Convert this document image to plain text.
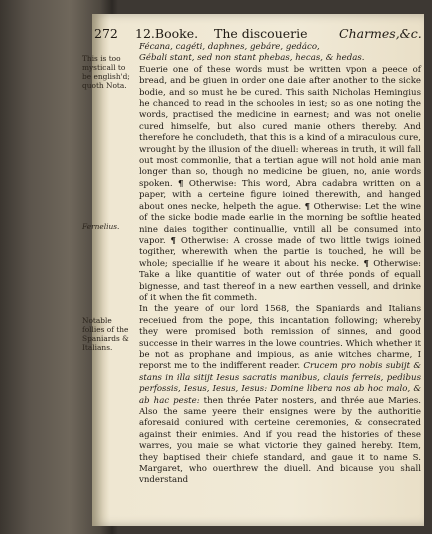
272 12.Booke. The discouerie	Charmes,&c.
This is too mysticall to be english'd; quoth Nota.
Fernelius.
Notable follies of the Spaniards & Italians.

Fécana, cagéti, daphnes, gebáre, gedáco,

Gébali stant, sed non stant phebas, hecas, & hedas.

Euerie one of these words must be written vpon a peece of bread, and be giuen in order one daie after another to the sicke bodie, and so must he be cured. This saith Nicholas Hemingius he chanced to read in the schooles in iest; so as one noting the words, practised the medicine in earnest; and was not onelie cured himselfe, but also cured manie others thereby. And therefore he concludeth, that this is a kind of a miraculous cure, wrought by the illusion of the diuell: whereas in truth, it will fall out most commonlie, that a tertian ague will not hold anie man longer than so, though no medicine be giuen, no, anie words spoken. ¶ Otherwise: This word, Abra cadabra written on a paper, with a certeine figure ioined therewith, and hanged about ones necke, helpeth the ague. ¶ Otherwise: Let the wine of the sicke bodie made earlie in the morning be softlie heated nine daies togither continuallie, vntill all be consumed into vapor. ¶ Otherwise: A crosse made of two little twigs ioined togither, wherewith when the partie is touched, he will be whole; speciallie if he weare it about his necke. ¶ Otherwise: Take a like quantitie of water out of thrée ponds of equall bignesse, and tast thereof in a new earthen vessell, and drinke of it when the fit commeth.

In the yeare of our lord 1568, the Spaniards and Italians receiued from the pope, this incantation following; whereby they were promised both remission of sinnes, and good successe in their warres in the lowe countries. Which whether it be not as prophane and impious, as anie witches charme, I reporst me to the indifferent reader. Crucem pro nobis subijt & stans in illa sitijt Iesus sacratis manibus, clauis ferreis, pedibus perfossis, Iesus, Iesus, Iesus: Domine libera nos ab hoc malo, & ab hac peste: then thrée Pater nosters, and thrée aue Maries. Also the same yeere their ensignes were by the authoritie aforesaid coniured with certeine ceremonies, & consecrated against their enimies. And if you read the histories of these warres, you maie se what victorie they gained hereby. Item, they baptised their chiefe standard, and gaue it to name S. Margaret, who ouerthrew the diuell. And bicause you shall vnderstand
